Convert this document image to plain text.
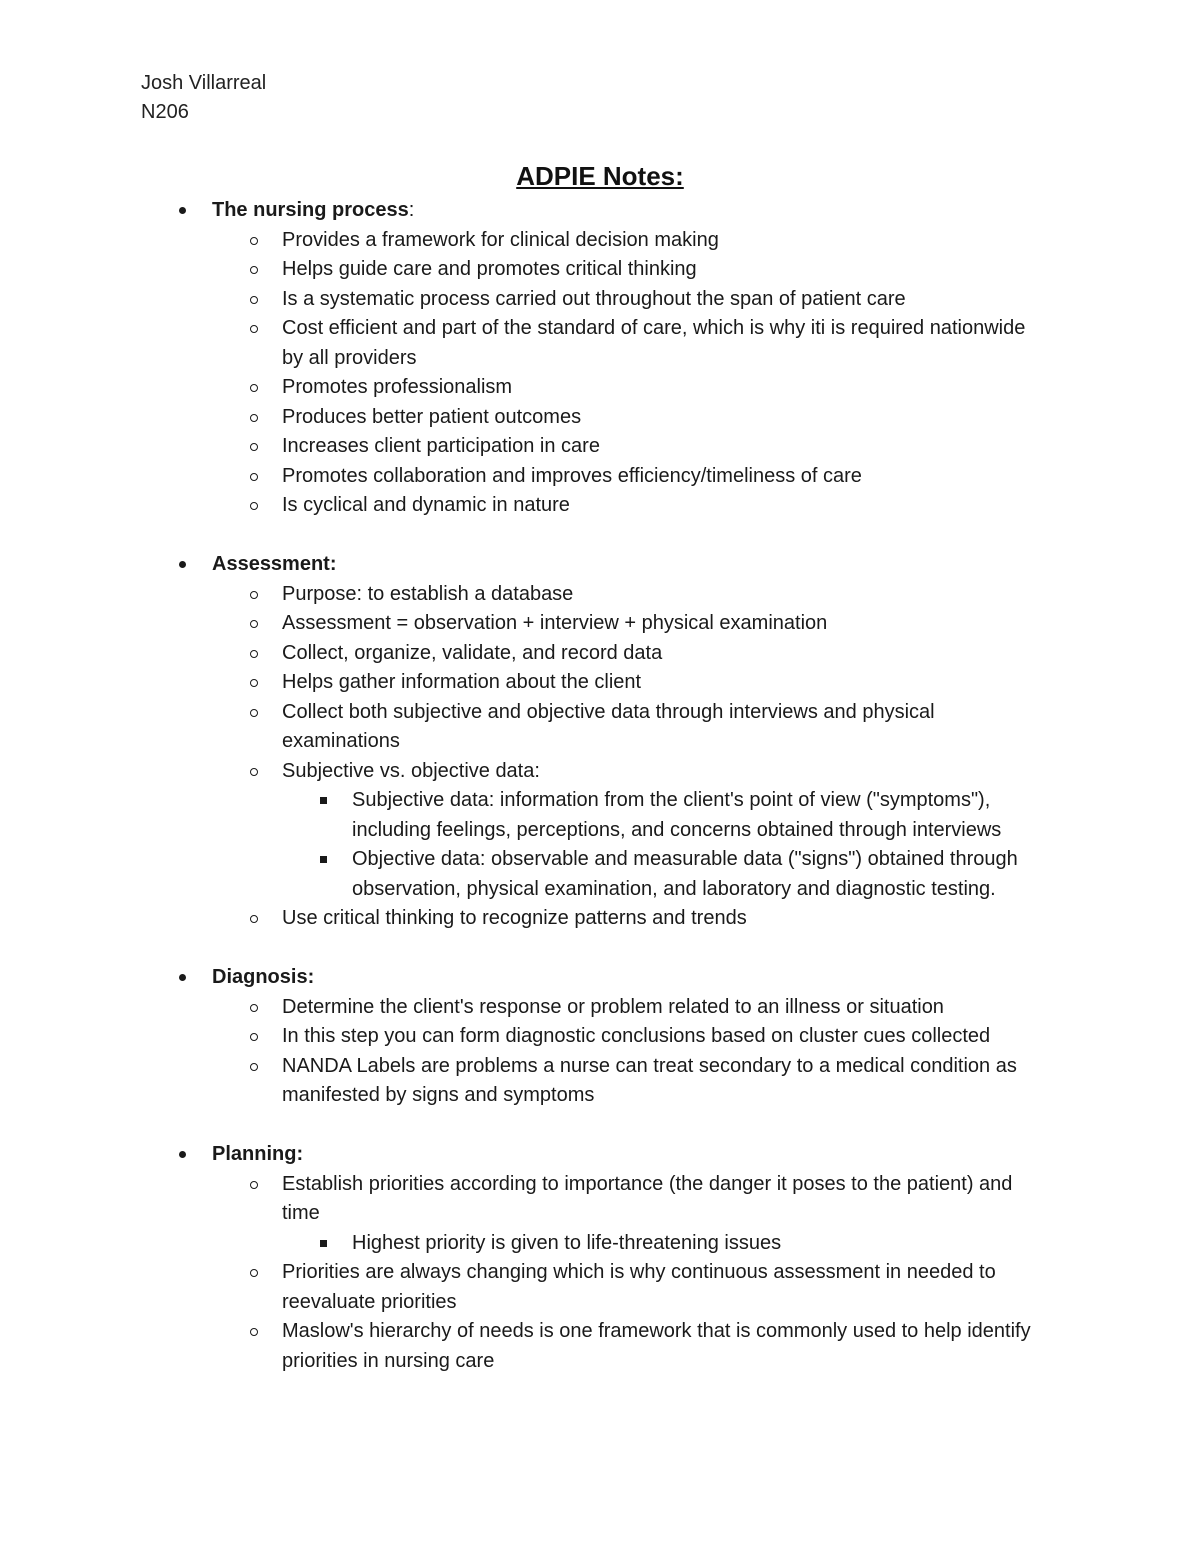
Josh Villarreal
N206
ADPIE Notes:
The nursing process:
Provides a framework for clinical decision making
Helps guide care and promotes critical thinking
Is a systematic process carried out throughout the span of patient care
Cost efficient and part of the standard of care, which is why iti is required nationwide by all providers
Promotes professionalism
Produces better patient outcomes
Increases client participation in care
Promotes collaboration and improves efficiency/timeliness of care
Is cyclical and dynamic in nature
Assessment:
Purpose: to establish a database
Assessment = observation + interview + physical examination
Collect, organize, validate, and record data
Helps gather information about the client
Collect both subjective and objective data through interviews and physical examinations
Subjective vs. objective data:
Subjective data: information from the client's point of view ("symptoms"), including feelings, perceptions, and concerns obtained through interviews
Objective data: observable and measurable data ("signs") obtained through observation, physical examination, and laboratory and diagnostic testing.
Use critical thinking to recognize patterns and trends
Diagnosis:
Determine the client's response or problem related to an illness or situation
In this step you can form diagnostic conclusions based on cluster cues collected
NANDA Labels are problems a nurse can treat secondary to a medical condition as manifested by signs and symptoms
Planning:
Establish priorities according to importance (the danger it poses to the patient) and time
Highest priority is given to life-threatening issues
Priorities are always changing which is why continuous assessment in needed to reevaluate priorities
Maslow's hierarchy of needs is one framework that is commonly used to help identify priorities in nursing care
